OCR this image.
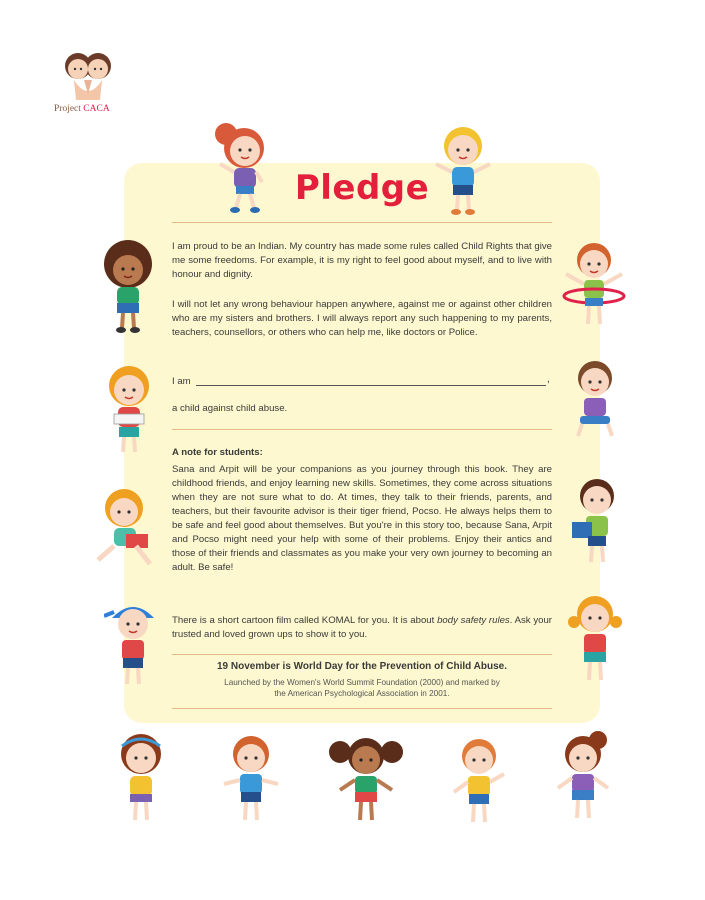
Project CACA
Pledge
I am proud to be an Indian. My country has made some rules called Child Rights that give me some freedoms. For example, it is my right to feel good about myself, and to live with honour and dignity.
I will not let any wrong behaviour happen anywhere, against me or against other children who are my sisters and brothers. I will always report any such happening to my parents, teachers, counsellors, or others who can help me, like doctors or Police.
I am	,
a child against child abuse.
A note for students:
Sana and Arpit will be your companions as you journey through this book. They are childhood friends, and enjoy learning new skills. Sometimes, they come across situations when they are not sure what to do. At times, they talk to their friends, parents, and teachers, but their favourite advisor is their tiger friend, Pocso. He always helps them to be safe and feel good about themselves. But you're in this story too, because Sana, Arpit and Pocso might need your help with some of their problems. Enjoy their antics and those of their friends and classmates as you make your very own journey to becoming an adult. Be safe!
There is a short cartoon film called KOMAL for you. It is about body safety rules. Ask your trusted and loved grown ups to show it to you.
19 November is World Day for the Prevention of Child Abuse.
Launched by the Women's World Summit Foundation (2000) and marked by
the American Psychological Association in 2001.
